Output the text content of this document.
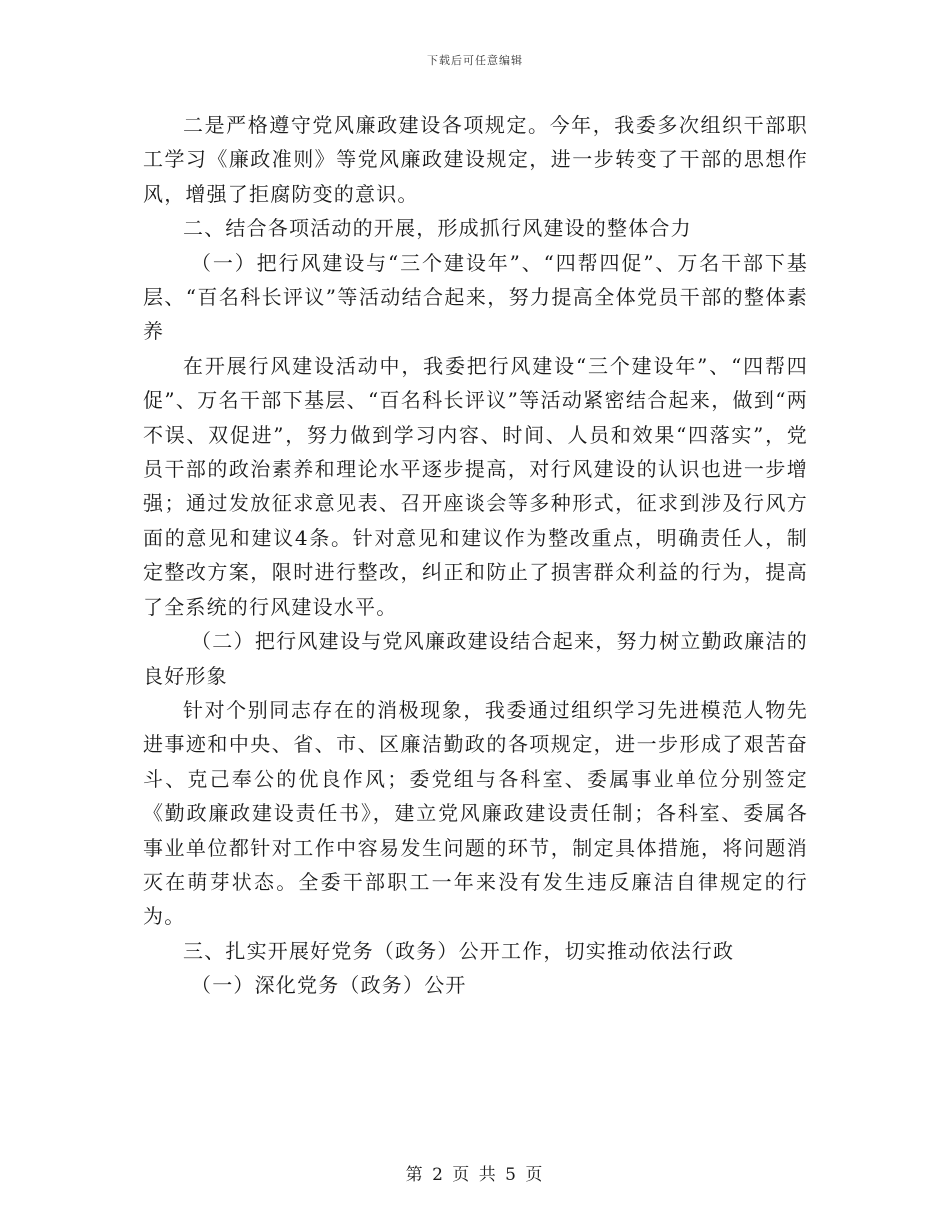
下载后可任意编辑

二是严格遵守党风廉政建设各项规定。今年，我委多次组织干部职工学习《廉政准则》等党风廉政建设规定，进一步转变了干部的思想作风，增强了拒腐防变的意识。

二、结合各项活动的开展，形成抓行风建设的整体合力

（一）把行风建设与“三个建设年”、“四帮四促”、万名干部下基层、“百名科长评议”等活动结合起来，努力提高全体党员干部的整体素养

在开展行风建设活动中，我委把行风建设“三个建设年”、“四帮四促”、万名干部下基层、“百名科长评议”等活动紧密结合起来，做到“两不误、双促进”，努力做到学习内容、时间、人员和效果“四落实”，党员干部的政治素养和理论水平逐步提高，对行风建设的认识也进一步增强；通过发放征求意见表、召开座谈会等多种形式，征求到涉及行风方面的意见和建议4条。针对意见和建议作为整改重点，明确责任人，制定整改方案，限时进行整改，纠正和防止了损害群众利益的行为，提高了全系统的行风建设水平。

（二）把行风建设与党风廉政建设结合起来，努力树立勤政廉洁的良好形象

针对个别同志存在的消极现象，我委通过组织学习先进模范人物先进事迹和中央、省、市、区廉洁勤政的各项规定，进一步形成了艰苦奋斗、克己奉公的优良作风；委党组与各科室、委属事业单位分别签定《勤政廉政建设责任书》，建立党风廉政建设责任制；各科室、委属各事业单位都针对工作中容易发生问题的环节，制定具体措施，将问题消灭在萌芽状态。全委干部职工一年来没有发生违反廉洁自律规定的行为。

三、扎实开展好党务（政务）公开工作，切实推动依法行政

（一）深化党务（政务）公开

第 2 页 共 5 页
